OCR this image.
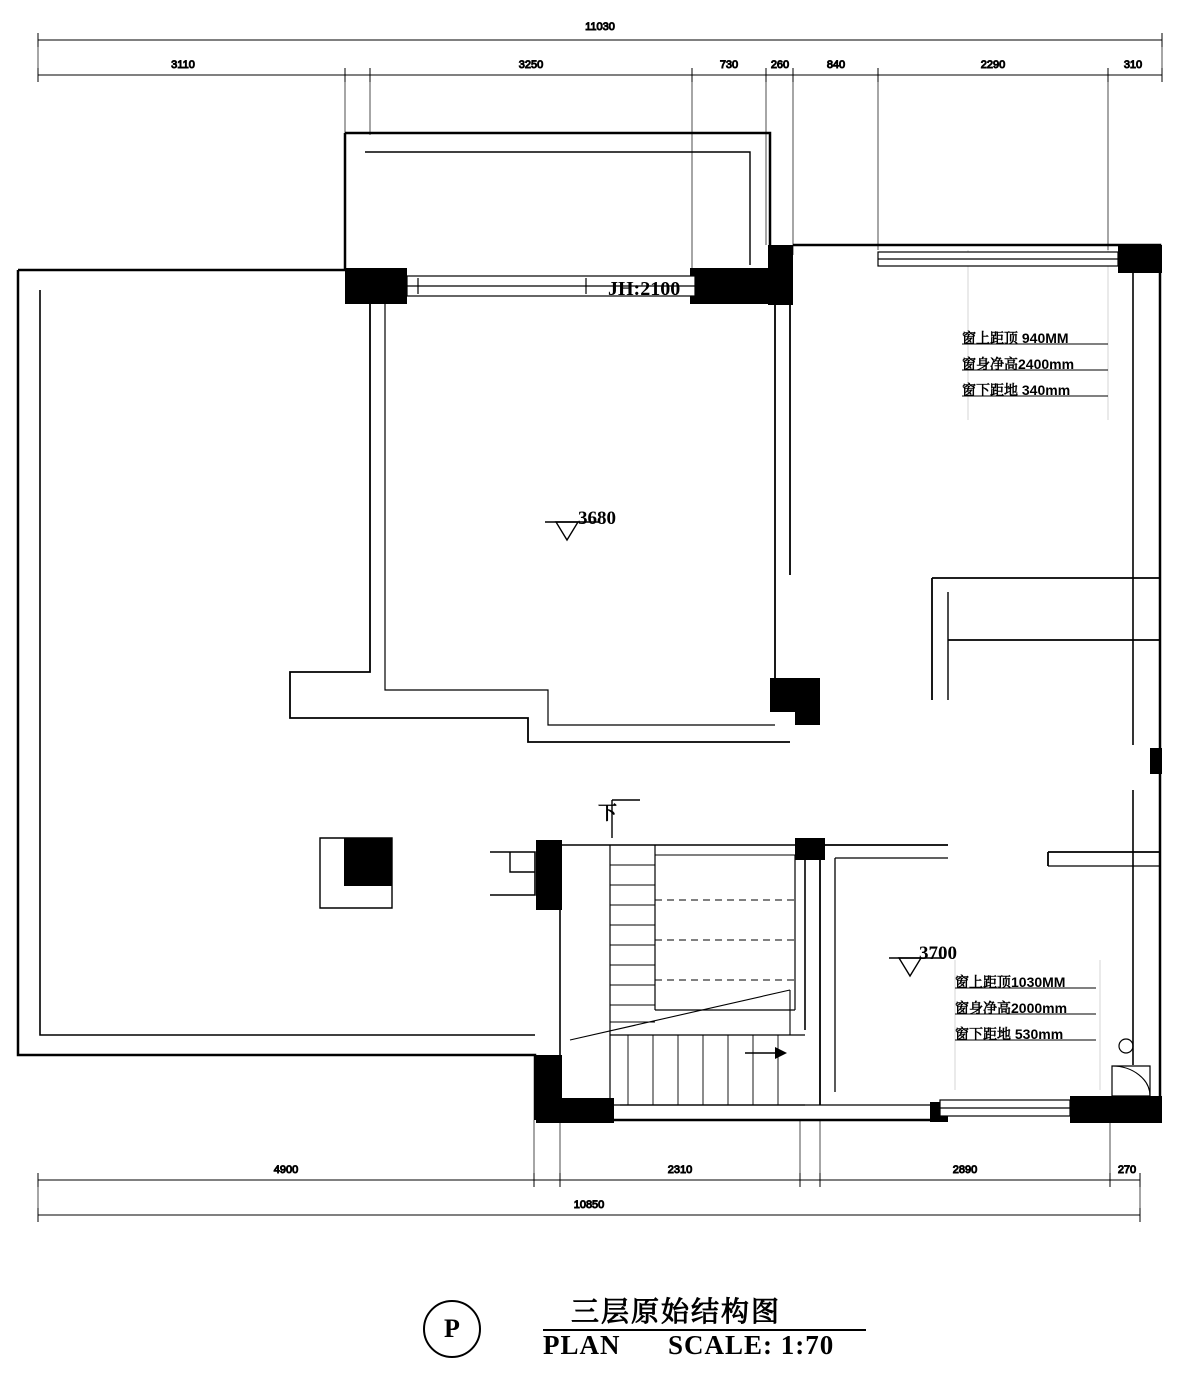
11030
3110	3250	730	260	840	2290	310
4900	2310	2890	270
10850
JH:2100
3680
3700
下
窗上距顶 940MM
窗身净高2400mm
窗下距地 340mm
窗上距顶1030MM
窗身净高2000mm
窗下距地 530mm
P
三层原始结构图
PLAN SCALE: 1:70
